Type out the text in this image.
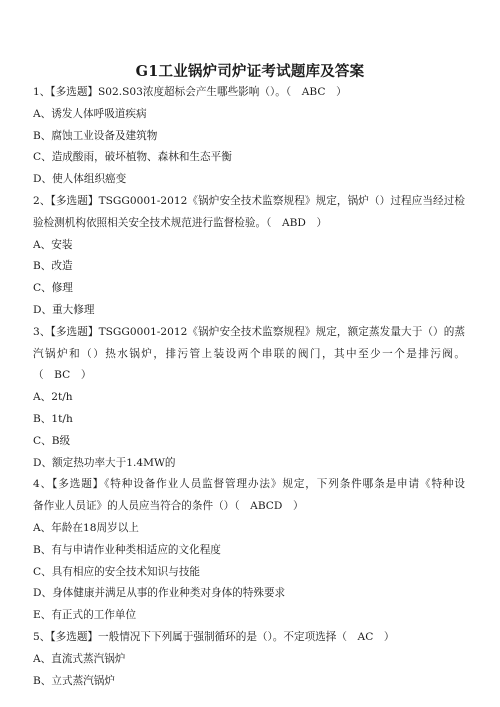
G1工业锅炉司炉证考试题库及答案
1、【多选题】S02.S03浓度超标会产生哪些影响（）。（　ABC　）
A、诱发人体呼吸道疾病
B、腐蚀工业设备及建筑物
C、造成酸雨，破坏植物、森林和生态平衡
D、使人体组织癌变
2、【多选题】TSGG0001-2012《锅炉安全技术监察规程》规定，锅炉（）过程应当经过检
验检测机构依照相关安全技术规范进行监督检验。（　ABD　）
A、安装
B、改造
C、修理
D、重大修理
3、【多选题】TSGG0001-2012《锅炉安全技术监察规程》规定，额定蒸发量大于（）的蒸
汽锅炉和（）热水锅炉，排污管上装设两个串联的阀门，其中至少一个是排污阀。
（　BC　）
A、2t/h
B、1t/h
C、B级
D、额定热功率大于1.4MW的
4、【多选题】《特种设备作业人员监督管理办法》规定，下列条件哪条是申请《特种设
备作业人员证》的人员应当符合的条件（）（　ABCD　）
A、年龄在18周岁以上
B、有与申请作业种类相适应的文化程度
C、具有相应的安全技术知识与技能
D、身体健康并满足从事的作业种类对身体的特殊要求
E、有正式的工作单位
5、【多选题】一般情况下下列属于强制循环的是（）。不定项选择（　AC　）
A、直流式蒸汽锅炉
B、立式蒸汽锅炉
